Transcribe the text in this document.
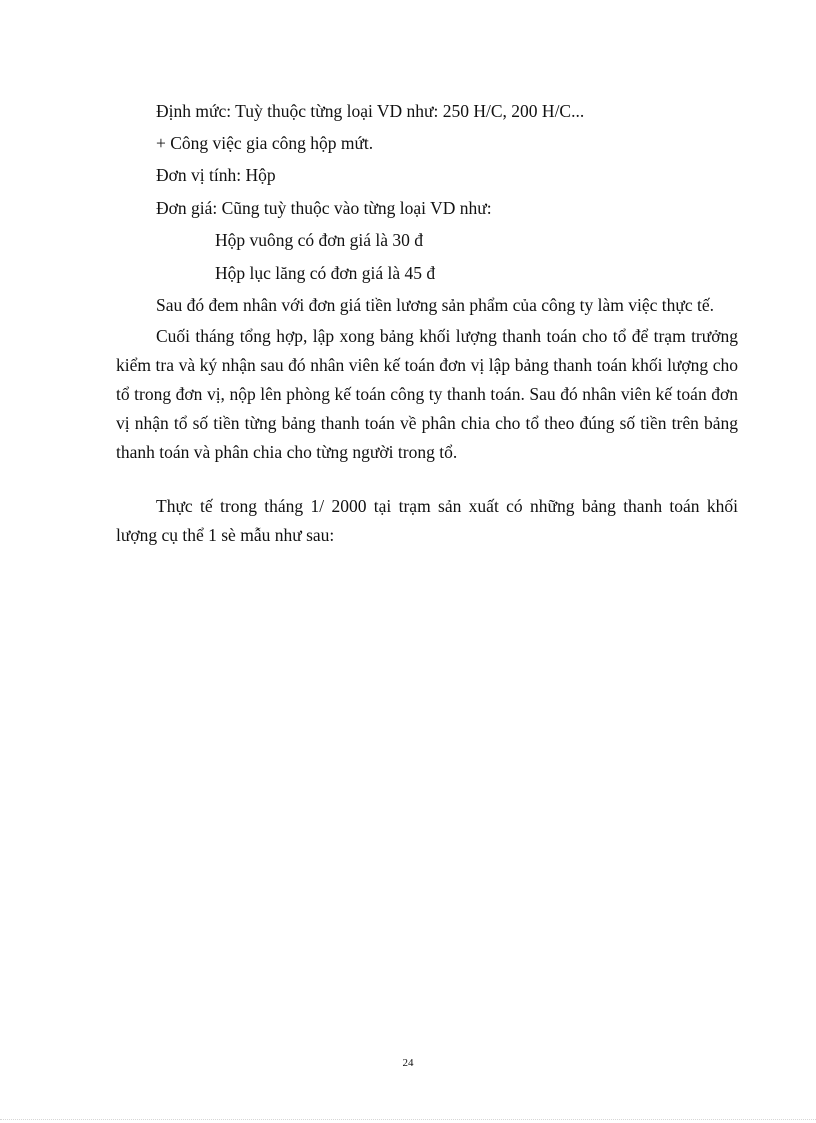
Định mức: Tuỳ thuộc từng loại VD như: 250 H/C, 200 H/C...
+ Công việc gia công hộp mứt.
Đơn vị tính: Hộp
Đơn giá: Cũng tuỳ thuộc vào từng loại VD như:
Hộp vuông có đơn giá là 30 đ
Hộp lục lăng có đơn giá là 45 đ
Sau đó đem nhân với đơn giá tiền lương sản phẩm của công ty làm việc thực tế.

Cuối tháng tổng hợp, lập xong bảng khối lượng thanh toán cho tổ để trạm trưởng kiểm tra và ký nhận sau đó nhân viên kế toán đơn vị lập bảng thanh toán khối lượng cho tổ trong đơn vị, nộp lên phòng kế toán công ty thanh toán. Sau đó nhân viên kế toán đơn vị nhận tổ số tiền từng bảng thanh toán về phân chia cho tổ theo đúng số tiền trên bảng thanh toán và phân chia cho từng người trong tổ.

Thực tế trong tháng 1/ 2000 tại trạm sản xuất có những bảng thanh toán khối lượng cụ thể 1 sè mẫu như sau:

24
